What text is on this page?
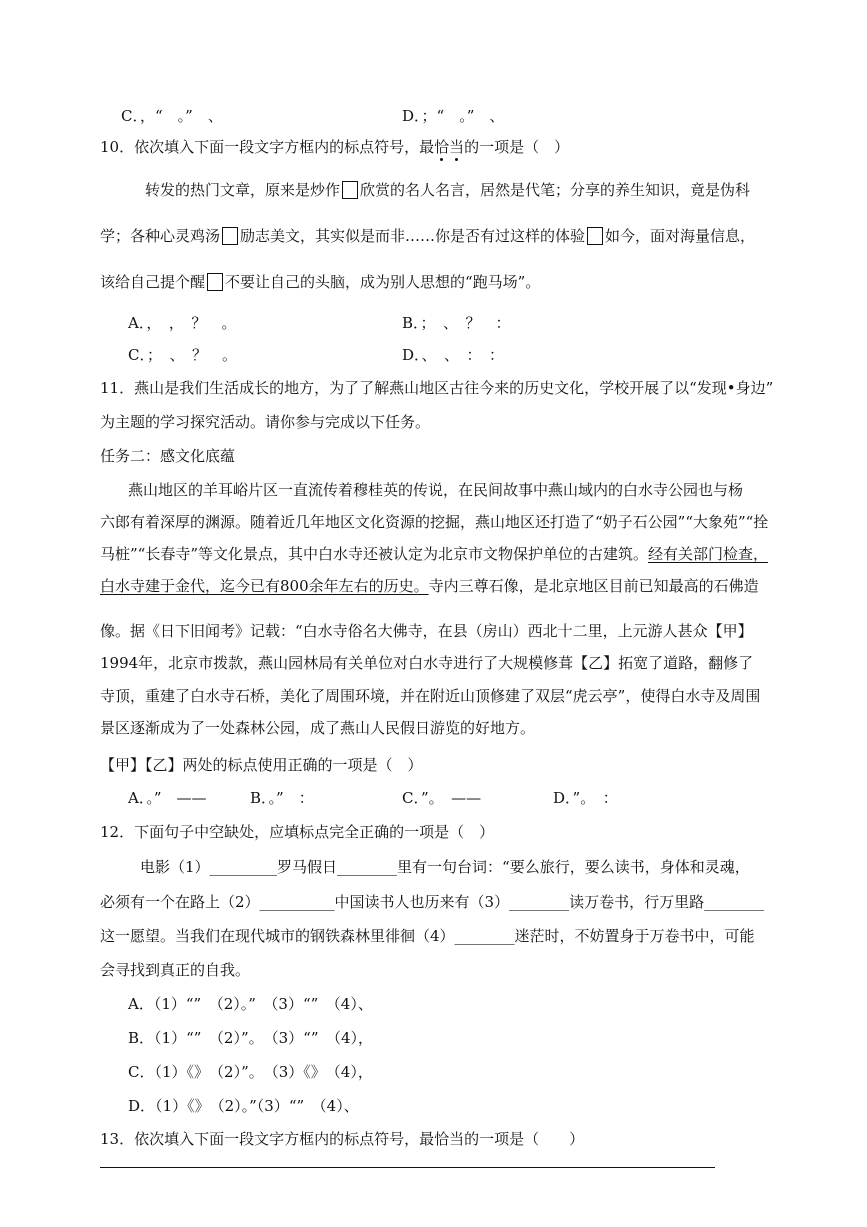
C．，“　。”　、	D．；“　。”　、
10．依次填入下面一段文字方框内的标点符号，最恰当的一项是（　）
转发的热门文章，原来是炒作 欣赏的名人名言，居然是代笔；分享的养生知识，竟是伪科
学；各种心灵鸡汤 励志美文，其实似是而非……你是否有过这样的体验 如今，面对海量信息，
该给自己提个醒 不要让自己的头脑，成为别人思想的“跑马场”。
A．，　，　？　。	B．；　、　？　：
C．；　、　？　。	D．、　、　：　：
11．燕山是我们生活成长的地方，为了了解燕山地区古往今来的历史文化，学校开展了以“发现•身边”
为主题的学习探究活动。请你参与完成以下任务。
任务二：感文化底蕴
燕山地区的羊耳峪片区一直流传着穆桂英的传说，在民间故事中燕山域内的白水寺公园也与杨
六郎有着深厚的渊源。随着近几年地区文化资源的挖掘，燕山地区还打造了“奶子石公园”“大象苑”“拴
马桩”“长春寺”等文化景点，其中白水寺还被认定为北京市文物保护单位的古建筑。经有关部门检查，
白水寺建于金代，迄今已有800余年左右的历史。寺内三尊石像，是北京地区目前已知最高的石佛造
像。据《日下旧闻考》记载：“白水寺俗名大佛寺，在县（房山）西北十二里，上元游人甚众【甲】
1994年，北京市拨款，燕山园林局有关单位对白水寺进行了大规模修葺【乙】拓宽了道路，翻修了
寺顶，重建了白水寺石桥，美化了周围环境，并在附近山顶修建了双层“虎云亭”，使得白水寺及周围
景区逐渐成为了一处森林公园，成了燕山人民假日游览的好地方。
【甲】【乙】两处的标点使用正确的一项是（　）
A．。”　——	B．。”　：	C．”。　——	D．”。　：
12．下面句子中空缺处，应填标点完全正确的一项是（　）
电影（1）_________罗马假日________里有一句台词：“要么旅行，要么读书，身体和灵魂，
必须有一个在路上（2）__________中国读书人也历来有（3）________读万卷书，行万里路________
这一愿望。当我们在现代城市的钢铁森林里徘徊（4）________迷茫时，不妨置身于万卷书中，可能
会寻找到真正的自我。
A．（1）“”　（2）。”　（3）“”　（4）、
B．（1）“”　（2）”。　（3）“”　（4），
C．（1）《》　（2）”。　（3）《》　（4），
D．（1）《》　（2）。”（3）“”　（4）、
13．依次填入下面一段文字方框内的标点符号，最恰当的一项是（　　）
